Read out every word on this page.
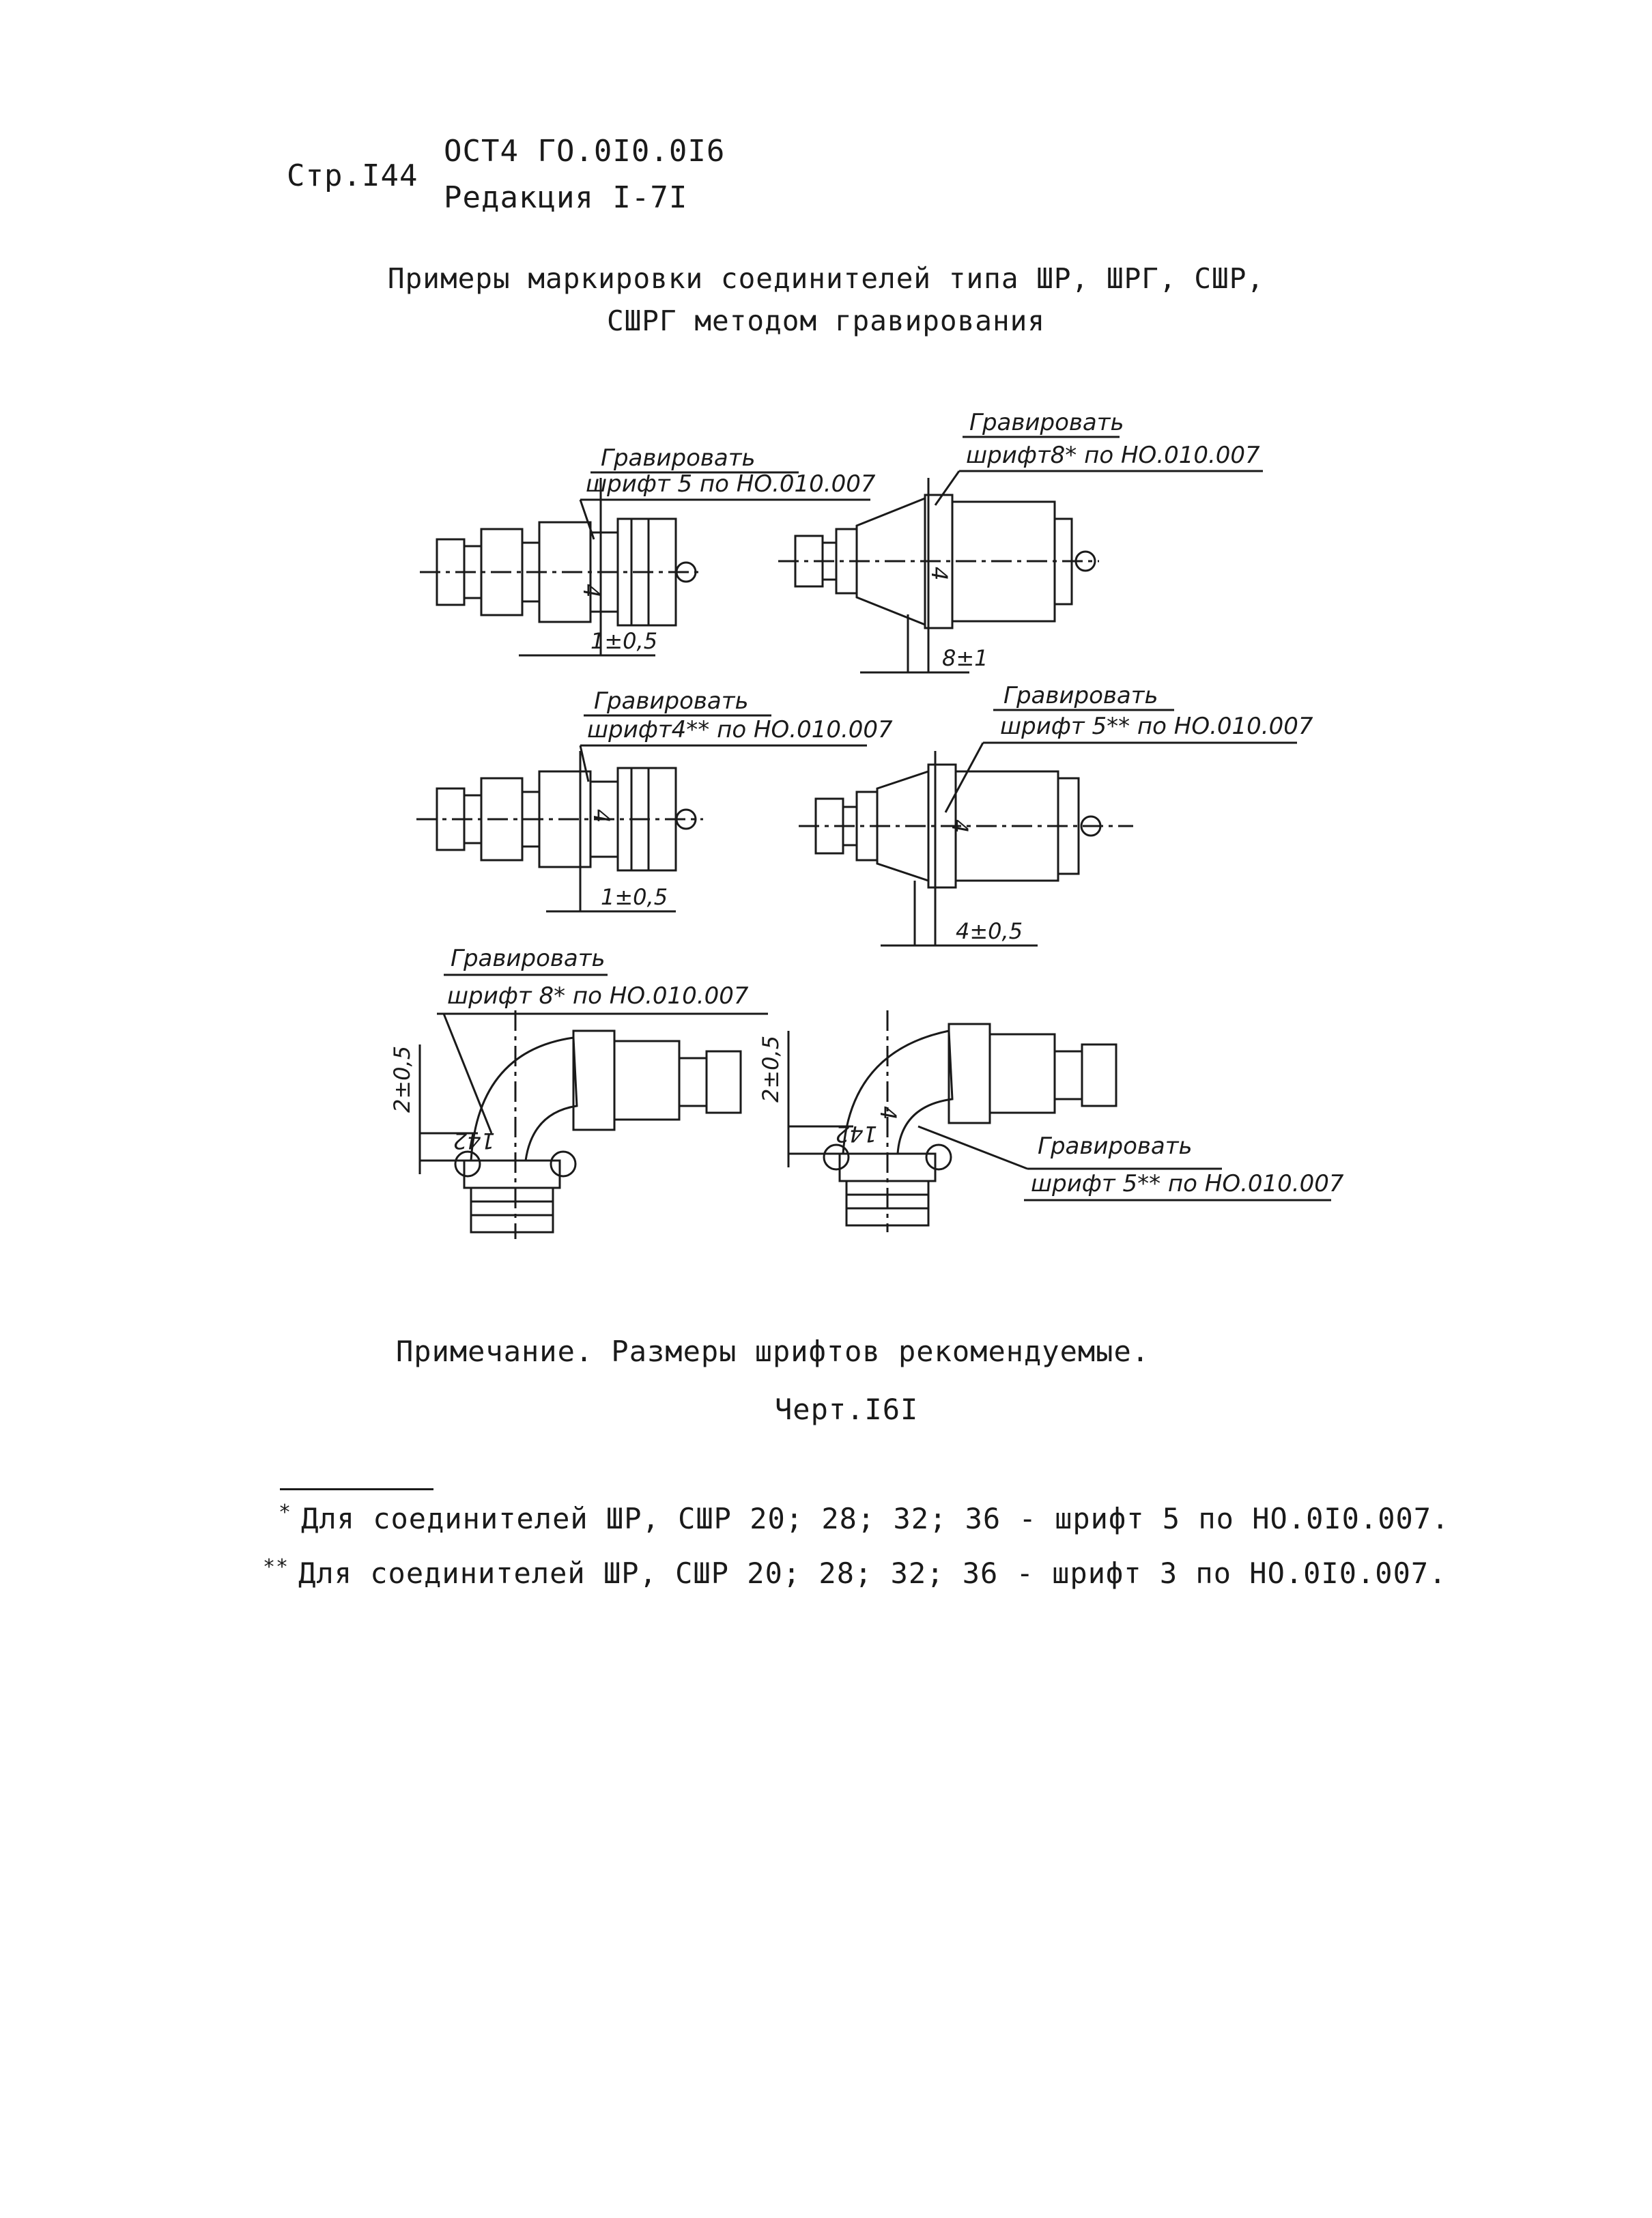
Стр.I44
ОСТ4 ГО.0I0.0I6
Редакция I-7I
Примеры маркировки соединителей типа ШР, ШРГ, СШР,
СШРГ методом гравирования
4
Гравировать
шрифт 5 по НО.010.007
1±0,5
4
Гравировать
шрифт8* по НО.010.007
8±1
4
Гравировать
шрифт4** по НО.010.007
1±0,5
4
Гравировать
шрифт 5** по НО.010.007
4±0,5
142
Гравировать
шрифт 8* по НО.010.007
2±0,5
4
142	Гравировать
шрифт 5** по НО.010.007
2±0,5
Примечание. Размеры шрифтов рекомендуемые.
Черт.I6I
* Для соединителей ШР, СШР 20; 28; 32; 36 - шрифт 5 по НО.0I0.007.
** Для соединителей ШР, СШР 20; 28; 32; 36 - шрифт 3 по НО.0I0.007.
